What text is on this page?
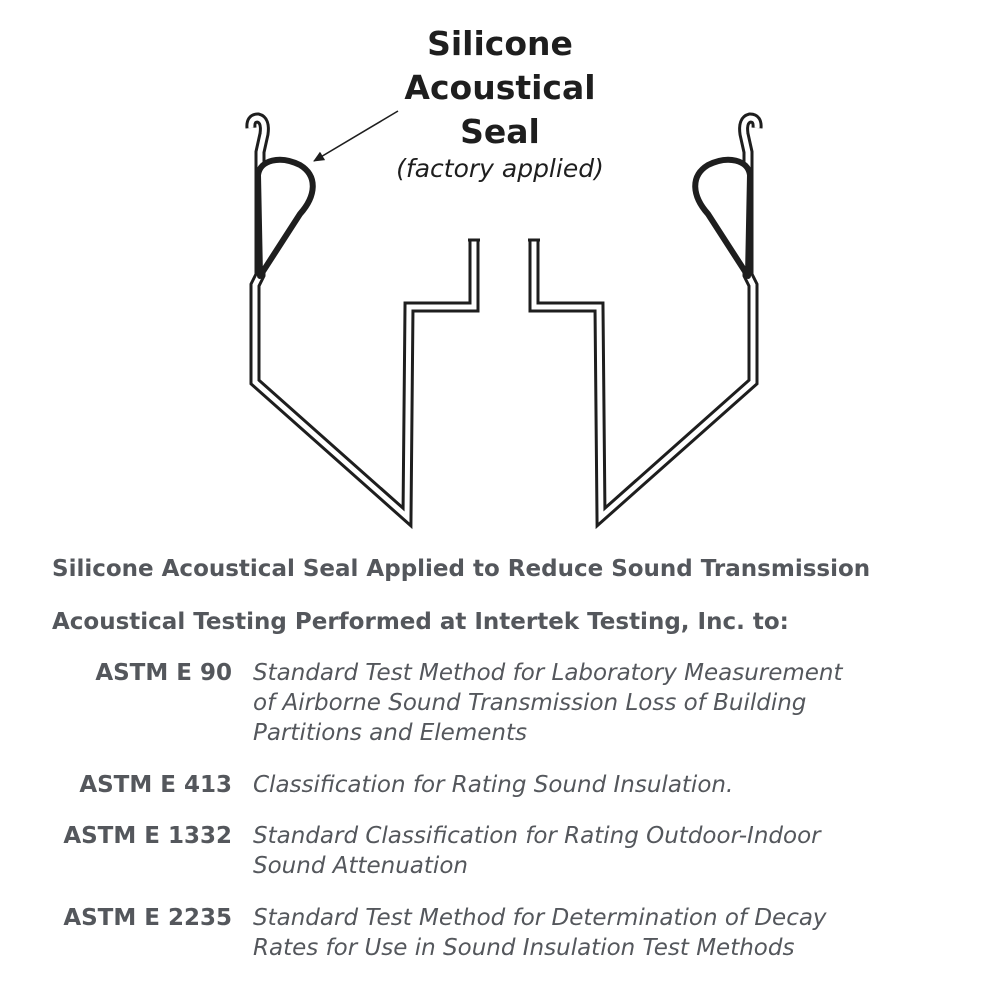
Silicone
Acoustical
Seal
(factory applied)
Silicone Acoustical Seal Applied to Reduce Sound Transmission
Acoustical Testing Performed at Intertek Testing, Inc. to:
ASTM E 90 Standard Test Method for Laboratory Measurement
of Airborne Sound Transmission Loss of Building
Partitions and Elements
ASTM E 413 Classification for Rating Sound Insulation.
ASTM E 1332 Standard Classification for Rating Outdoor-Indoor
Sound Attenuation
ASTM E 2235 Standard Test Method for Determination of Decay
Rates for Use in Sound Insulation Test Methods
